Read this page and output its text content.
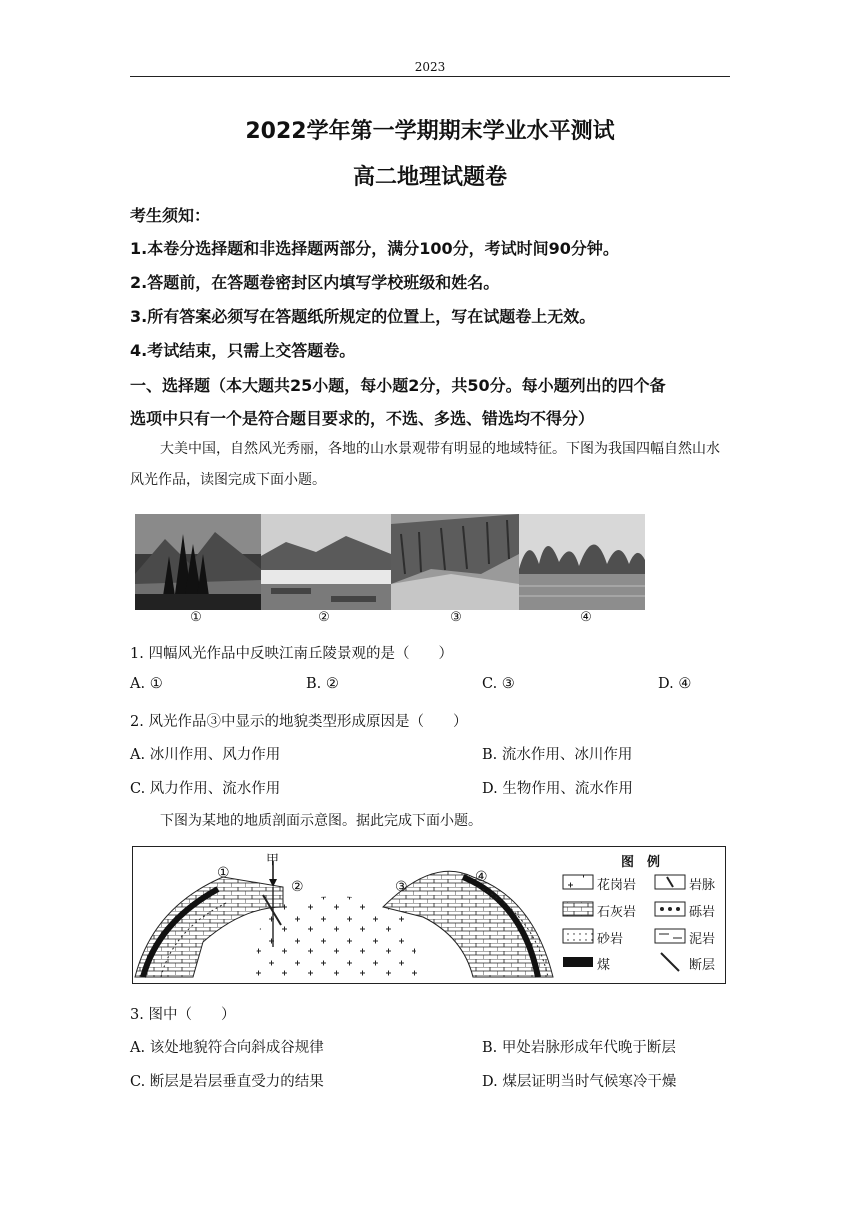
2023
2022学年第一学期期末学业水平测试
高二地理试题卷
考生须知：
1.本卷分选择题和非选择题两部分，满分100分，考试时间90分钟。
2.答题前，在答题卷密封区内填写学校班级和姓名。
3.所有答案必须写在答题纸所规定的位置上，写在试题卷上无效。
4.考试结束，只需上交答题卷。
一、选择题（本大题共25小题，每小题2分，共50分。每小题列出的四个备
选项中只有一个是符合题目要求的，不选、多选、错选均不得分）
大美中国，自然风光秀丽，各地的山水景观带有明显的地域特征。下图为我国四幅自然山水风光作品，读图完成下面小题。
①	②	③	④
1. 四幅风光作品中反映江南丘陵景观的是（　　）
A. ①	B. ②	C. ③	D. ④
2. 风光作品③中显示的地貌类型形成原因是（　　）
A. 冰川作用、风力作用	B. 流水作用、冰川作用
C. 风力作用、流水作用	D. 生物作用、流水作用
下图为某地的地质剖面示意图。据此完成下面小题。
甲
①
②	③
④
图　例
花岗岩	岩脉
石灰岩	砾岩
砂岩	泥岩
煤	断层
3. 图中（　　）
A. 该处地貌符合向斜成谷规律	B. 甲处岩脉形成年代晚于断层
C. 断层是岩层垂直受力的结果	D. 煤层证明当时气候寒冷干燥
